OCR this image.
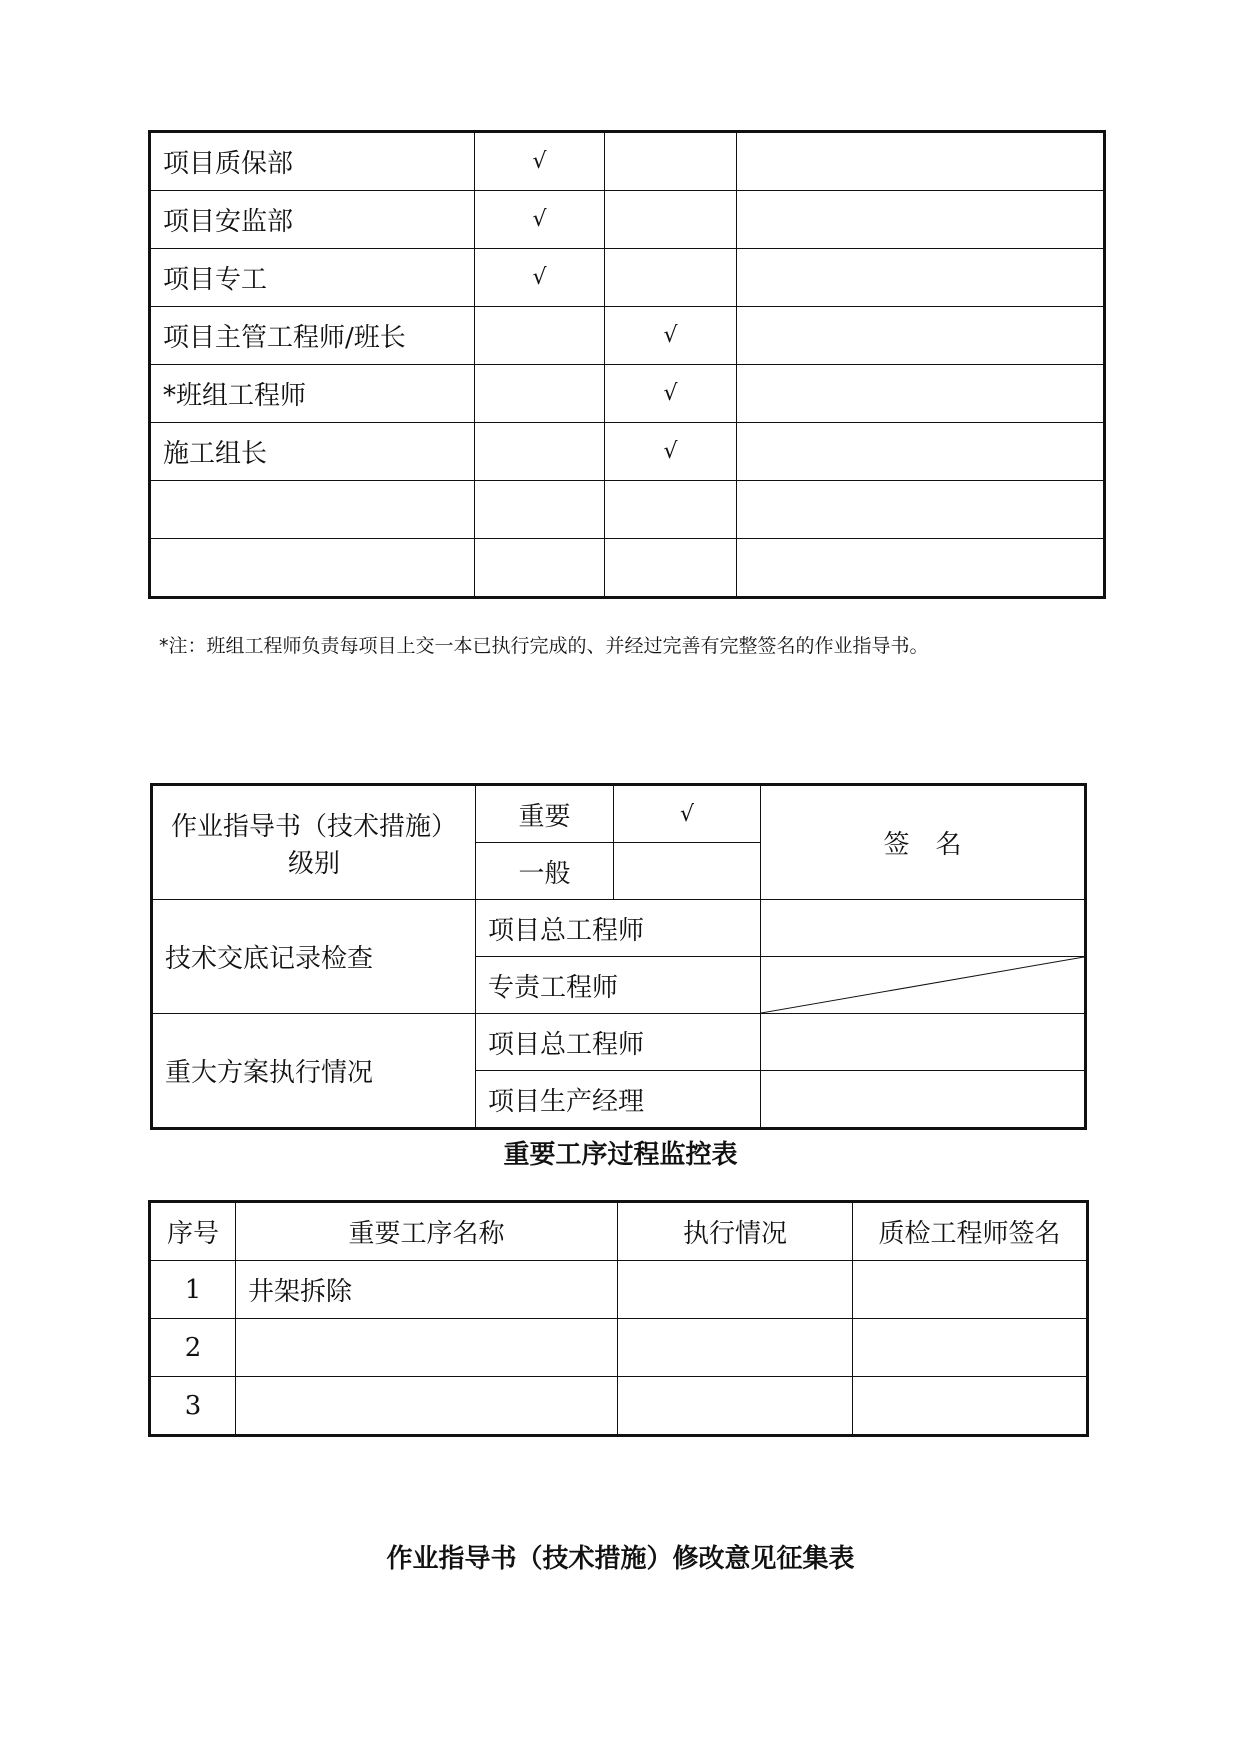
项目质保部	√		
项目安监部	√		
项目专工	√		
项目主管工程师/班长		√	
*班组工程师		√	
施工组长		√	

*注：班组工程师负责每项目上交一本已执行完成的、并经过完善有完整签名的作业指导书。
作业指导书（技术措施）
级别	重要	√	签　名
	一般		
技术交底记录检查	项目总工程师		
	专责工程师	

重大方案执行情况	项目总工程师		
	项目生产经理		
重要工序过程监控表
序号	重要工序名称	执行情况	质检工程师签名
1	井架拆除		
2			
3			
作业指导书（技术措施）修改意见征集表
